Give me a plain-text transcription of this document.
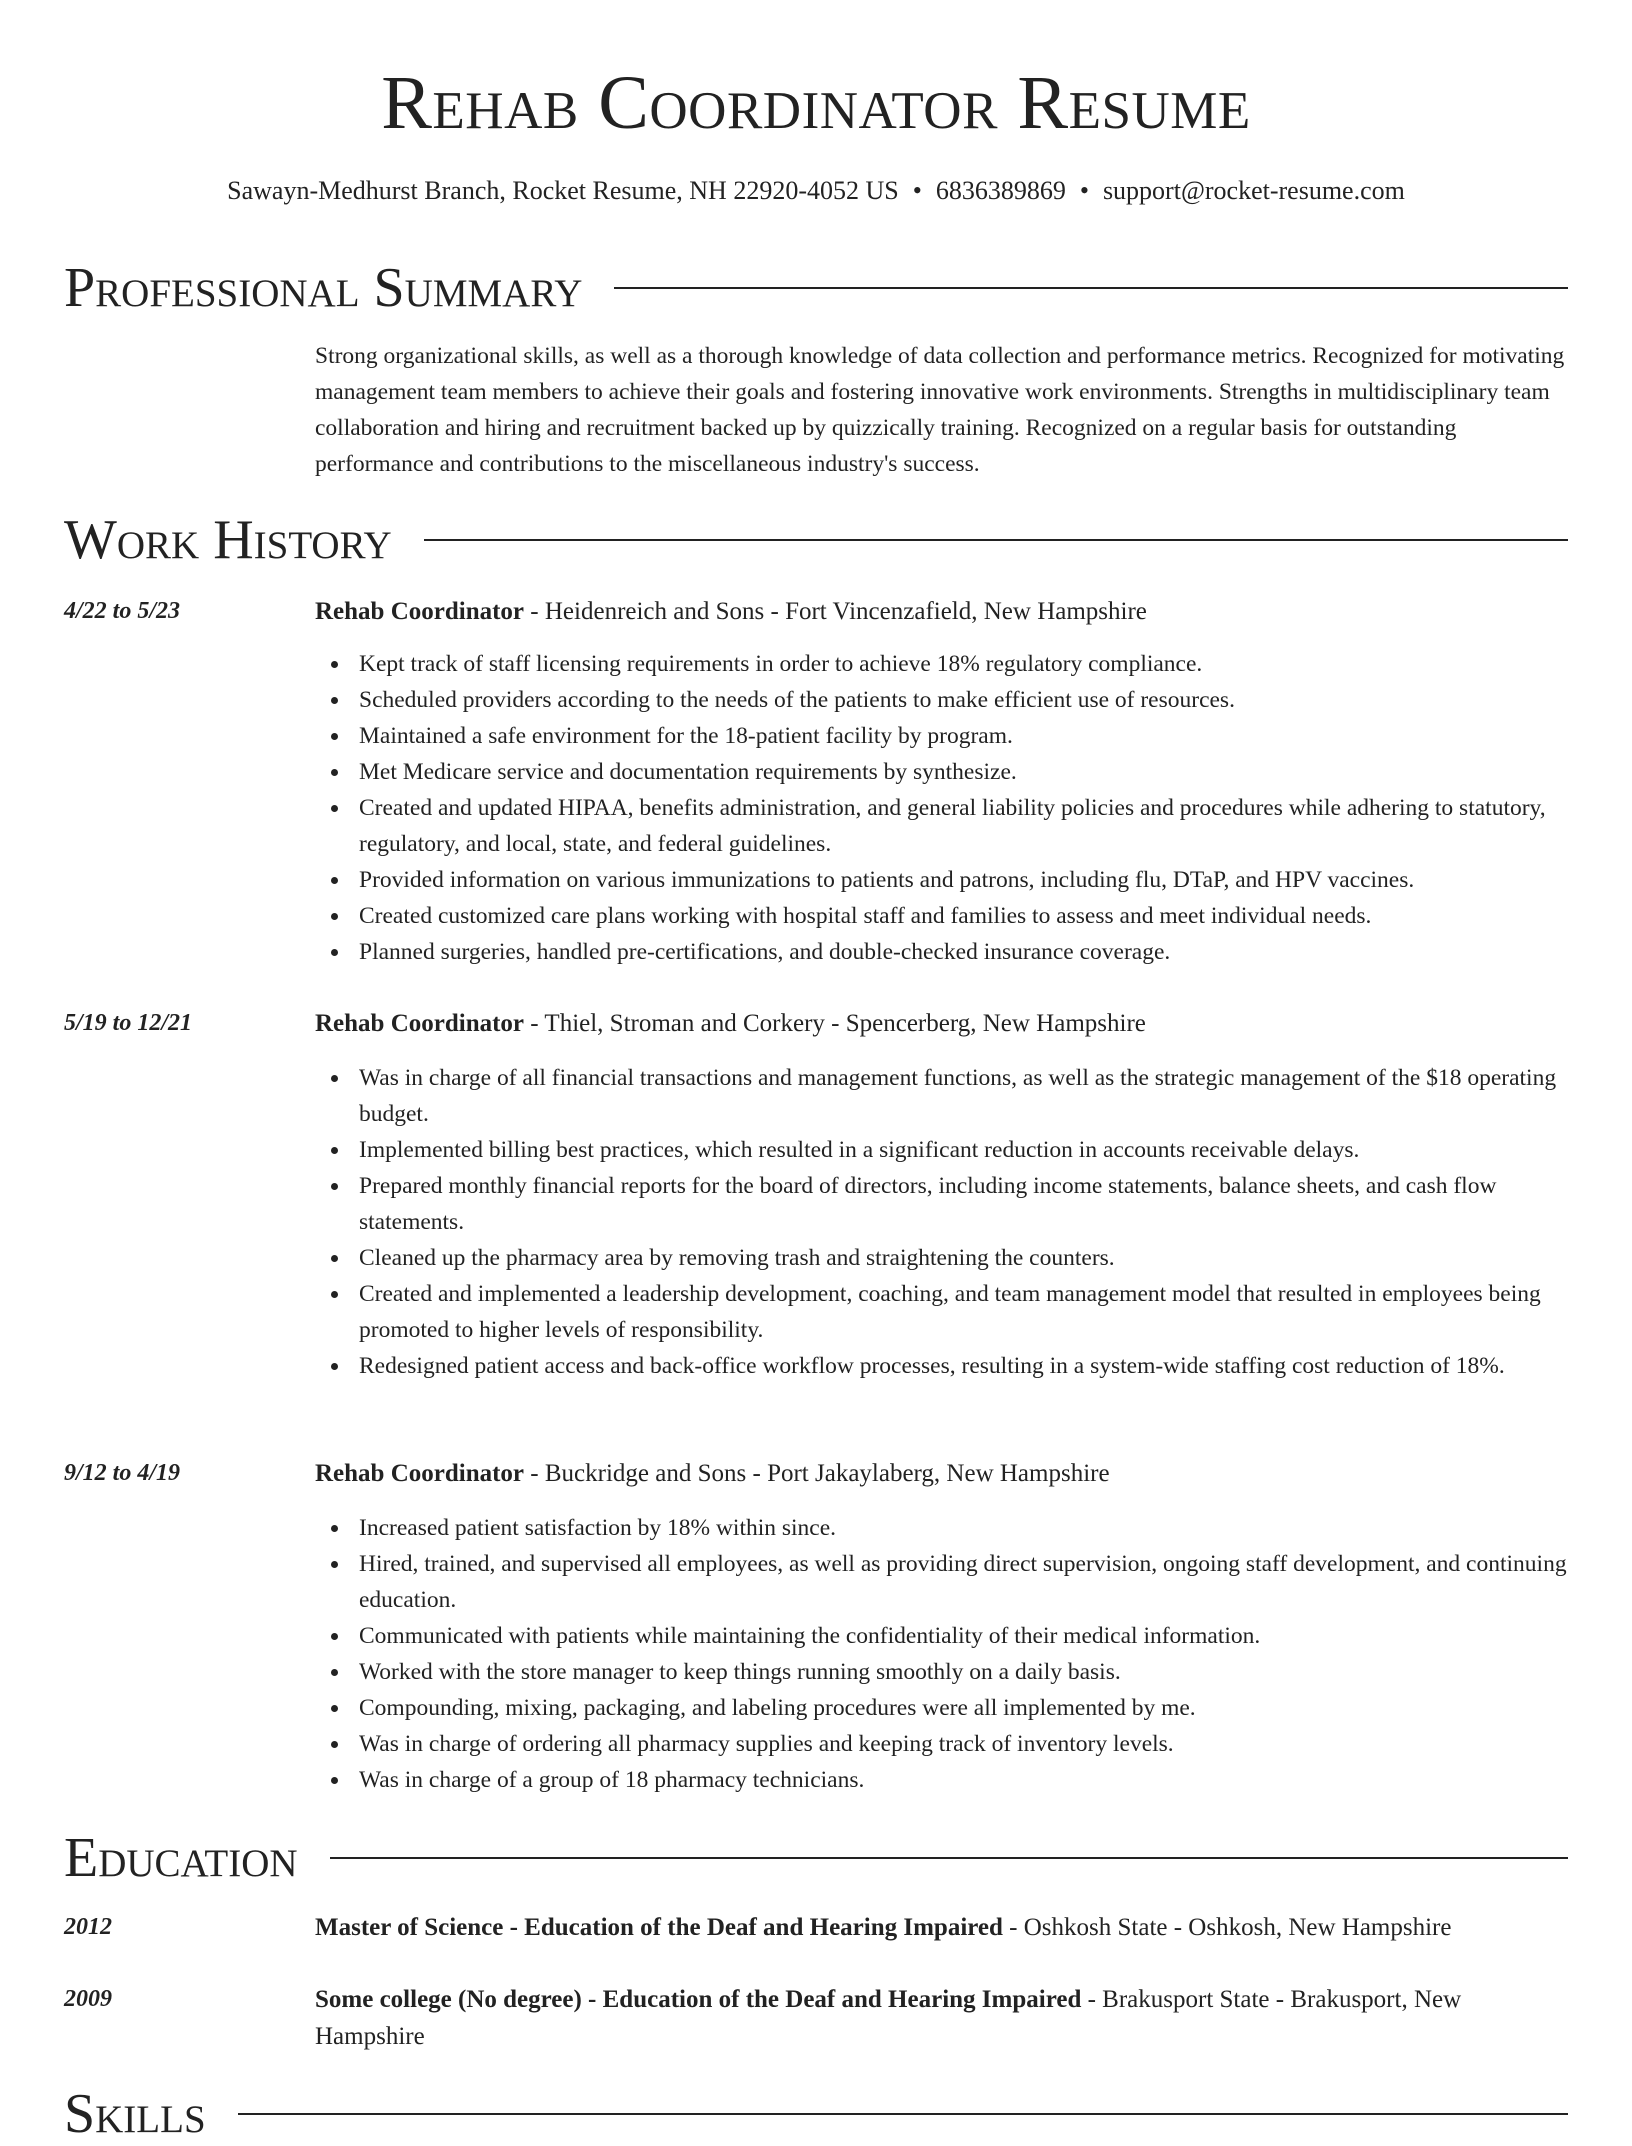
Rehab Coordinator Resume
Sawayn-Medhurst Branch, Rocket Resume, NH 22920-4052 US • 6836389869 • support@rocket-resume.com
Professional Summary

Strong organizational skills, as well as a thorough knowledge of data collection and performance metrics. Recognized for motivating management team members to achieve their goals and fostering innovative work environments. Strengths in multidisciplinary team collaboration and hiring and recruitment backed up by quizzically training. Recognized on a regular basis for outstanding performance and contributions to the miscellaneous industry's success.

Work History
4/22 to 5/23	Rehab Coordinator - Heidenreich and Sons - Fort Vincenzafield, New Hampshire
Kept track of staff licensing requirements in order to achieve 18% regulatory compliance.
Scheduled providers according to the needs of the patients to make efficient use of resources.
Maintained a safe environment for the 18-patient facility by program.
Met Medicare service and documentation requirements by synthesize.
Created and updated HIPAA, benefits administration, and general liability policies and procedures while adhering to statutory, regulatory, and local, state, and federal guidelines.
Provided information on various immunizations to patients and patrons, including flu, DTaP, and HPV vaccines.
Created customized care plans working with hospital staff and families to assess and meet individual needs.
Planned surgeries, handled pre-certifications, and double-checked insurance coverage.
5/19 to 12/21	Rehab Coordinator - Thiel, Stroman and Corkery - Spencerberg, New Hampshire
Was in charge of all financial transactions and management functions, as well as the strategic management of the $18 operating budget.
Implemented billing best practices, which resulted in a significant reduction in accounts receivable delays.
Prepared monthly financial reports for the board of directors, including income statements, balance sheets, and cash flow statements.
Cleaned up the pharmacy area by removing trash and straightening the counters.
Created and implemented a leadership development, coaching, and team management model that resulted in employees being promoted to higher levels of responsibility.
Redesigned patient access and back-office workflow processes, resulting in a system-wide staffing cost reduction of 18%.
9/12 to 4/19	Rehab Coordinator - Buckridge and Sons - Port Jakaylaberg, New Hampshire
Increased patient satisfaction by 18% within since.
Hired, trained, and supervised all employees, as well as providing direct supervision, ongoing staff development, and continuing education.
Communicated with patients while maintaining the confidentiality of their medical information.
Worked with the store manager to keep things running smoothly on a daily basis.
Compounding, mixing, packaging, and labeling procedures were all implemented by me.
Was in charge of ordering all pharmacy supplies and keeping track of inventory levels.
Was in charge of a group of 18 pharmacy technicians.
Education
2012	Master of Science - Education of the Deaf and Hearing Impaired - Oshkosh State - Oshkosh, New Hampshire
2009	Some college (No degree) - Education of the Deaf and Hearing Impaired - Brakusport State - Brakusport, New Hampshire
Skills
